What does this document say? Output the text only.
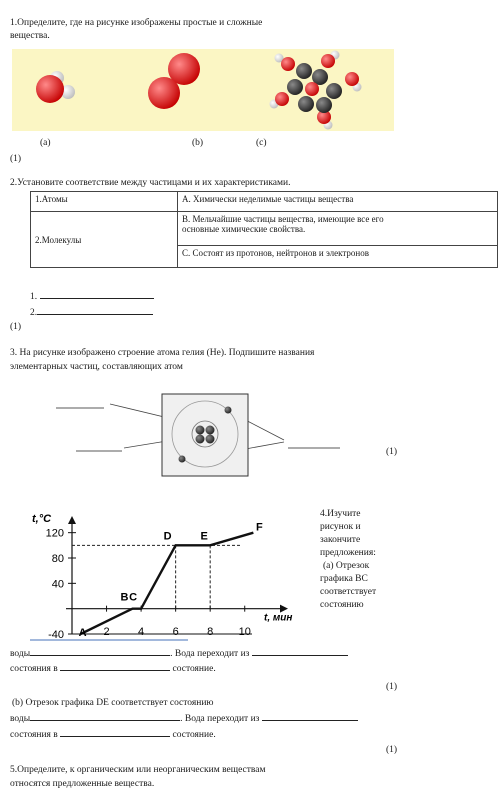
1.Определите, где на рисунке изображены простые и сложные
вещества.
(a)	(b)	(c)
(1)
2.Установите соответствие между частицами и их характеристиками.
1.Атомы	А. Химически неделимые частицы вещества
2.Молекулы	В. Мельчайшие частицы вещества, имеющие все его
основные химические свойства.

	С. Состоят из протонов, нейтронов и электронов
1.
2.
(1)
3. На рисунке изображено строение атома гелия (Не). Подпишите названия
элементарных частиц, составляющих атом
(1)
120
80
40
-40	2	4	6	8 10
t,°C
t, мин
A
B C
D	E
F
4.Изучите
рисунок и
закончите
предложения:
(а) Отрезок
графика ВС
соответствует
состоянию
воды	. Вода переходит из
состояния в	состояние.
(1)
(b) Отрезок графика DE соответствует состоянию
воды	. Вода переходит из
состояния в	состояние.
(1)
5.Определите, к органическим или неорганическим веществам
относятся предложенные вещества.
